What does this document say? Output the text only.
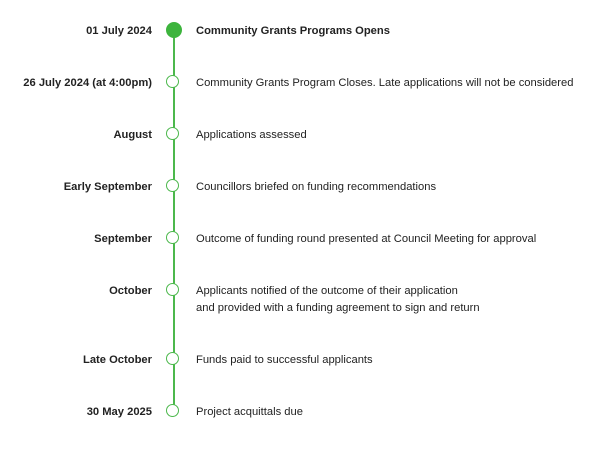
01 July 2024	Community Grants Programs Opens
26 July 2024 (at 4:00pm)	Community Grants Program Closes. Late applications will not be considered
August	Applications assessed
Early September	Councillors briefed on funding recommendations
September	Outcome of funding round presented at Council Meeting for approval
October	Applicants notified of the outcome of their application
and provided with a funding agreement to sign and return
Late October	Funds paid to successful applicants
30 May 2025	Project acquittals due
